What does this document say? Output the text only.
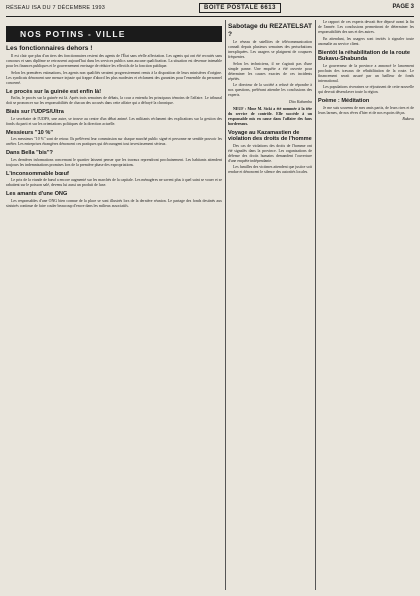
RÉSEAU ISA DU 7 DÉCEMBRE 1993	BOITE POSTALE 6613	PAGE 3
NOS POTINS - VILLE
Les fonctionnaires dehors !

Il est clair que plus d'un tiers des fonctionnaires restent des agents de l'État sans réelle affectation. Les agents qui ont été recrutés sans concours et sans diplôme se retrouvent aujourd'hui dans les services publics sans aucune qualification. La situation est devenue intenable pour les finances publiques et le gouvernement envisage de réduire les effectifs de la fonction publique.

Selon les premières estimations, les agents non qualifiés seraient progressivement remis à la disposition de leurs ministères d'origine. Les syndicats dénoncent une mesure injuste qui frappe d'abord les plus modestes et réclament des garanties pour l'ensemble du personnel concerné.

Le procès sur la guinée est enfin là!

Enfin, le procès sur la guinée est là. Après trois semaines de débats, la cour a entendu les principaux témoins de l'affaire. Le tribunal doit se prononcer sur les responsabilités de chacun des accusés dans cette affaire qui a défrayé la chronique.

Biais sur l'UDPS/Ultra

Le secrétaire de l'UDPS, une autre, se trouve au centre d'un débat animé. Les militants réclament des explications sur la gestion des fonds du parti et sur les orientations politiques de la direction actuelle.

Messieurs "10 %"

Les messieurs "10 %" sont de retour. Ils prélèvent leur commission sur chaque marché public signé et personne ne semble pouvoir les arrêter. Les entreprises étrangères dénoncent ces pratiques qui découragent tout investissement sérieux.

Dans Bella "bis"?

Les dernières informations concernant le quartier laissent penser que les travaux reprendront prochainement. Les habitants attendent toujours les indemnisations promises lors de la première phase des expropriations.

L'inconsommable bœuf

Le prix de la viande de bœuf a encore augmenté sur les marchés de la capitale. Les ménagères ne savent plus à quel saint se vouer et se rabattent sur le poisson salé, devenu lui aussi un produit de luxe.

Les amants d'une ONG

Les responsables d'une ONG bien connue de la place se sont illustrés lors de la dernière réunion. Le partage des fonds destinés aux sinistrés continue de faire couler beaucoup d'encre dans les milieux associatifs.

Sabotage du REZATELSAT ?

Le réseau de satellites de télécommunication connaît depuis plusieurs semaines des perturbations inexpliquées. Les usagers se plaignent de coupures fréquentes.

Selon les techniciens, il ne s'agirait pas d'une simple panne. Une enquête a été ouverte pour déterminer les causes exactes de ces incidents répétés.

Le directeur de la société a refusé de répondre à nos questions, préférant attendre les conclusions des experts.

Dito Kabamba

NEUF : Mme M. Sicki a été nommée à la tête du service de contrôle. Elle succède à un responsable mis en cause dans l'affaire des faux bordereaux.

Voyage au Kazamastien de violation des droits de l'homme

Des cas de violations des droits de l'homme ont été signalés dans la province. Les organisations de défense des droits humains demandent l'ouverture d'une enquête indépendante.

Les familles des victimes attendent que justice soit rendue et dénoncent le silence des autorités locales.

Le rapport de ces experts devrait être déposé avant la fin de l'année. Les conclusions permettront de déterminer les responsabilités des uns et des autres.

En attendant, les usagers sont invités à signaler toute anomalie au service client.

Bientôt la réhabilitation de la route Bukavu-Shabunda

Le gouverneur de la province a annoncé le lancement prochain des travaux de réhabilitation de la route. Le financement serait assuré par un bailleur de fonds international.

Les populations riveraines se réjouissent de cette nouvelle qui devrait désenclaver toute la région.

Poème : Méditation

Je me suis souvenu de mes amis partis, de leurs rires et de leurs larmes, de nos rêves d'hier et de nos espoirs déçus.

Bukavu
